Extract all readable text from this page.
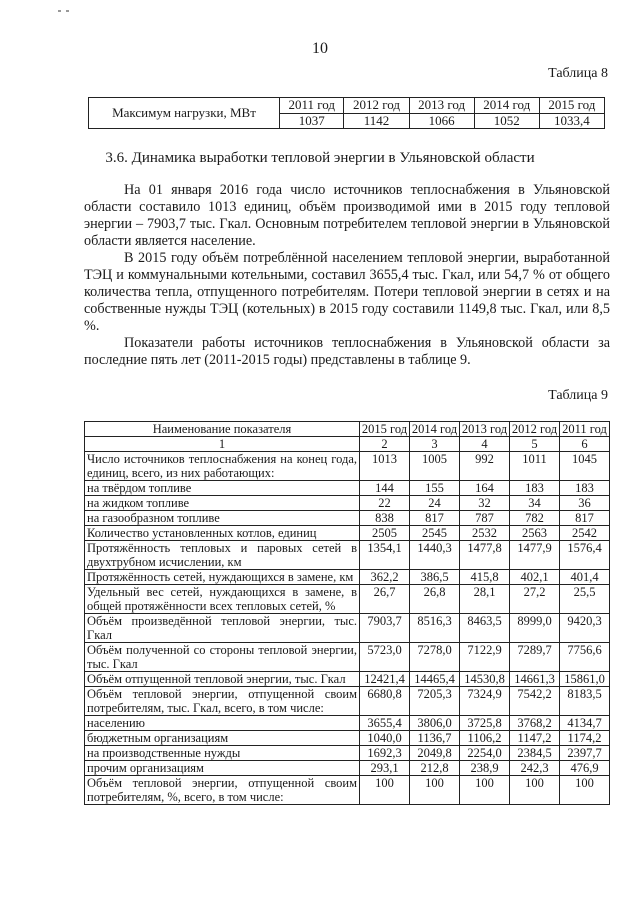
10
Таблица 8
Максимум нагрузки, МВт	2011 год	2012 год	2013 год	2014 год	2015 год
	1037	1142	1066	1052	1033,4
3.6. Динамика выработки тепловой энергии в Ульяновской области

На 01 января 2016 года число источников теплоснабжения в Ульяновской области составило 1013 единиц, объём производимой ими в 2015 году тепловой энергии – 7903,7 тыс. Гкал. Основным потребителем тепловой энергии в Ульяновской области является население.

В 2015 году объём потреблённой населением тепловой энергии, выработанной ТЭЦ и коммунальными котельными, составил 3655,4 тыс. Гкал, или 54,7 % от общего количества тепла, отпущенного потребителям. Потери тепловой энергии в сетях и на собственные нужды ТЭЦ (котельных) в 2015 году составили 1149,8 тыс. Гкал, или 8,5 %.

Показатели работы источников теплоснабжения в Ульяновской области за последние пять лет (2011-2015 годы) представлены в таблице 9.

Таблица 9
Наименование показателя	2015 год	2014 год	2013 год	2012 год	2011 год

1	2	3	4	5	6
Число источников теплоснабжения на конец года, единиц, всего, из них работающих:	1013	1005	992	1011	1045
на твёрдом топливе	144	155	164	183	183
на жидком топливе	22	24	32	34	36
на газообразном топливе	838	817	787	782	817
Количество установленных котлов, единиц	2505	2545	2532	2563	2542
Протяжённость тепловых и паровых сетей в двухтрубном исчислении, км	1354,1	1440,3	1477,8	1477,9	1576,4
Протяжённость сетей, нуждающихся в замене, км	362,2	386,5	415,8	402,1	401,4
Удельный вес сетей, нуждающихся в замене, в общей протяжённости всех тепловых сетей, %	26,7	26,8	28,1	27,2	25,5
Объём произведённой тепловой энергии, тыс. Гкал	7903,7	8516,3	8463,5	8999,0	9420,3
Объём полученной со стороны тепловой энергии, тыс. Гкал	5723,0	7278,0	7122,9	7289,7	7756,6
Объём отпущенной тепловой энергии, тыс. Гкал	12421,4	14465,4	14530,8	14661,3	15861,0
Объём тепловой энергии, отпущенной своим потребителям, тыс. Гкал, всего, в том числе:	6680,8	7205,3	7324,9	7542,2	8183,5
населению	3655,4	3806,0	3725,8	3768,2	4134,7
бюджетным организациям	1040,0	1136,7	1106,2	1147,2	1174,2
на производственные нужды	1692,3	2049,8	2254,0	2384,5	2397,7
прочим организациям	293,1	212,8	238,9	242,3	476,9
Объём тепловой энергии, отпущенной своим потребителям, %, всего, в том числе:	100	100	100	100	100
